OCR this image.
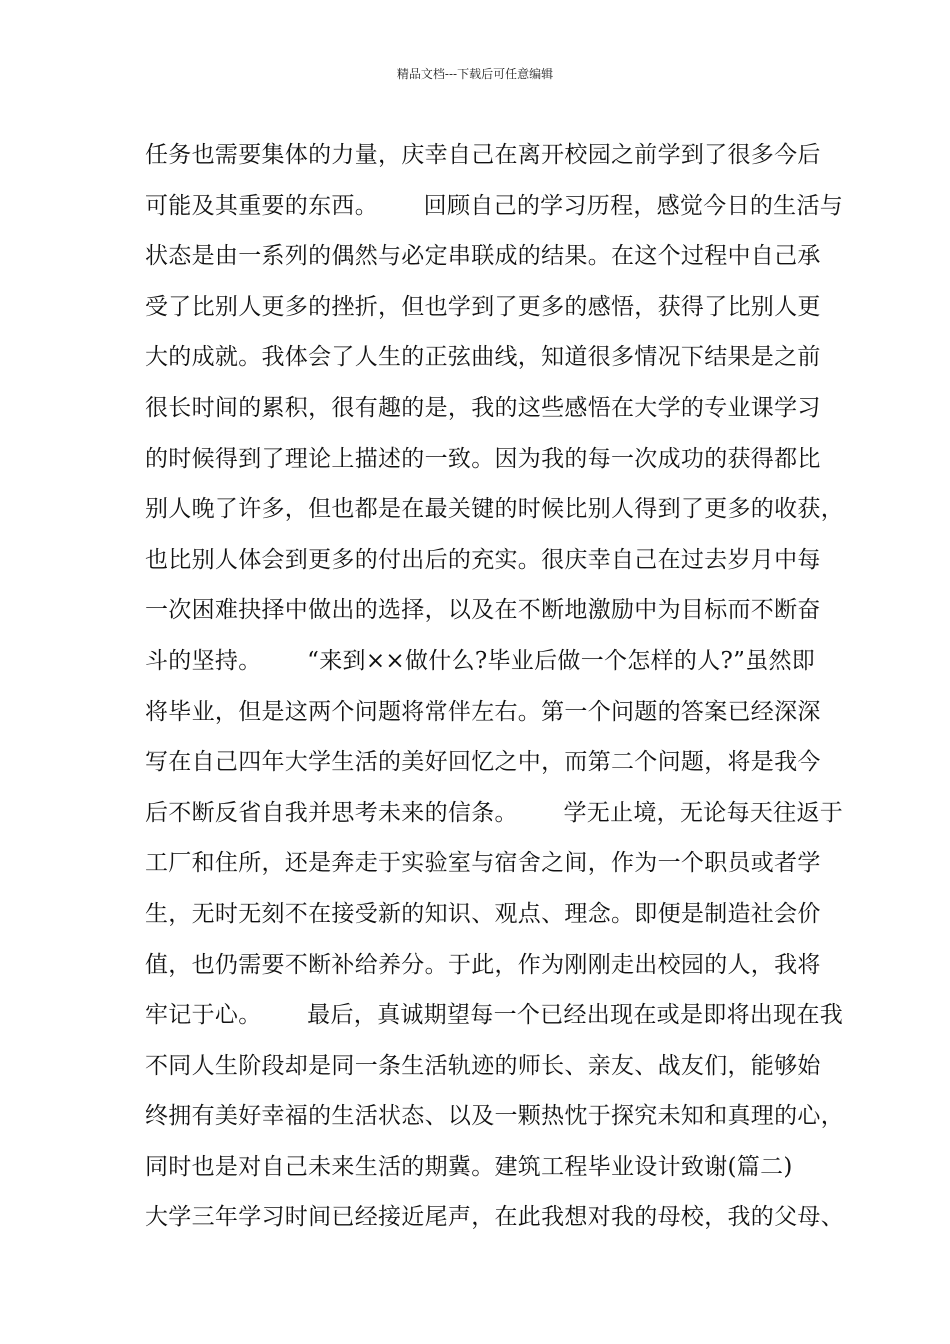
精品文档---下载后可任意编辑
任务也需要集体的力量，庆幸自己在离开校园之前学到了很多今后
可能及其重要的东西。      回顾自己的学习历程，感觉今日的生活与
状态是由一系列的偶然与必定串联成的结果。在这个过程中自己承
受了比别人更多的挫折，但也学到了更多的感悟，获得了比别人更
大的成就。我体会了人生的正弦曲线，知道很多情况下结果是之前
很长时间的累积，很有趣的是，我的这些感悟在大学的专业课学习
的时候得到了理论上描述的一致。因为我的每一次成功的获得都比
别人晚了许多，但也都是在最关键的时候比别人得到了更多的收获，
也比别人体会到更多的付出后的充实。很庆幸自己在过去岁月中每
一次困难抉择中做出的选择，以及在不断地激励中为目标而不断奋
斗的坚持。      “来到××做什么?毕业后做一个怎样的人?”虽然即
将毕业，但是这两个问题将常伴左右。第一个问题的答案已经深深
写在自己四年大学生活的美好回忆之中，而第二个问题，将是我今
后不断反省自我并思考未来的信条。      学无止境，无论每天往返于
工厂和住所，还是奔走于实验室与宿舍之间，作为一个职员或者学
生，无时无刻不在接受新的知识、观点、理念。即便是制造社会价
值，也仍需要不断补给养分。于此，作为刚刚走出校园的人，我将
牢记于心。      最后，真诚期望每一个已经出现在或是即将出现在我
不同人生阶段却是同一条生活轨迹的师长、亲友、战友们，能够始
终拥有美好幸福的生活状态、以及一颗热忱于探究未知和真理的心，
同时也是对自己未来生活的期冀。建筑工程毕业设计致谢(篇二)
大学三年学习时间已经接近尾声，在此我想对我的母校，我的父母、
